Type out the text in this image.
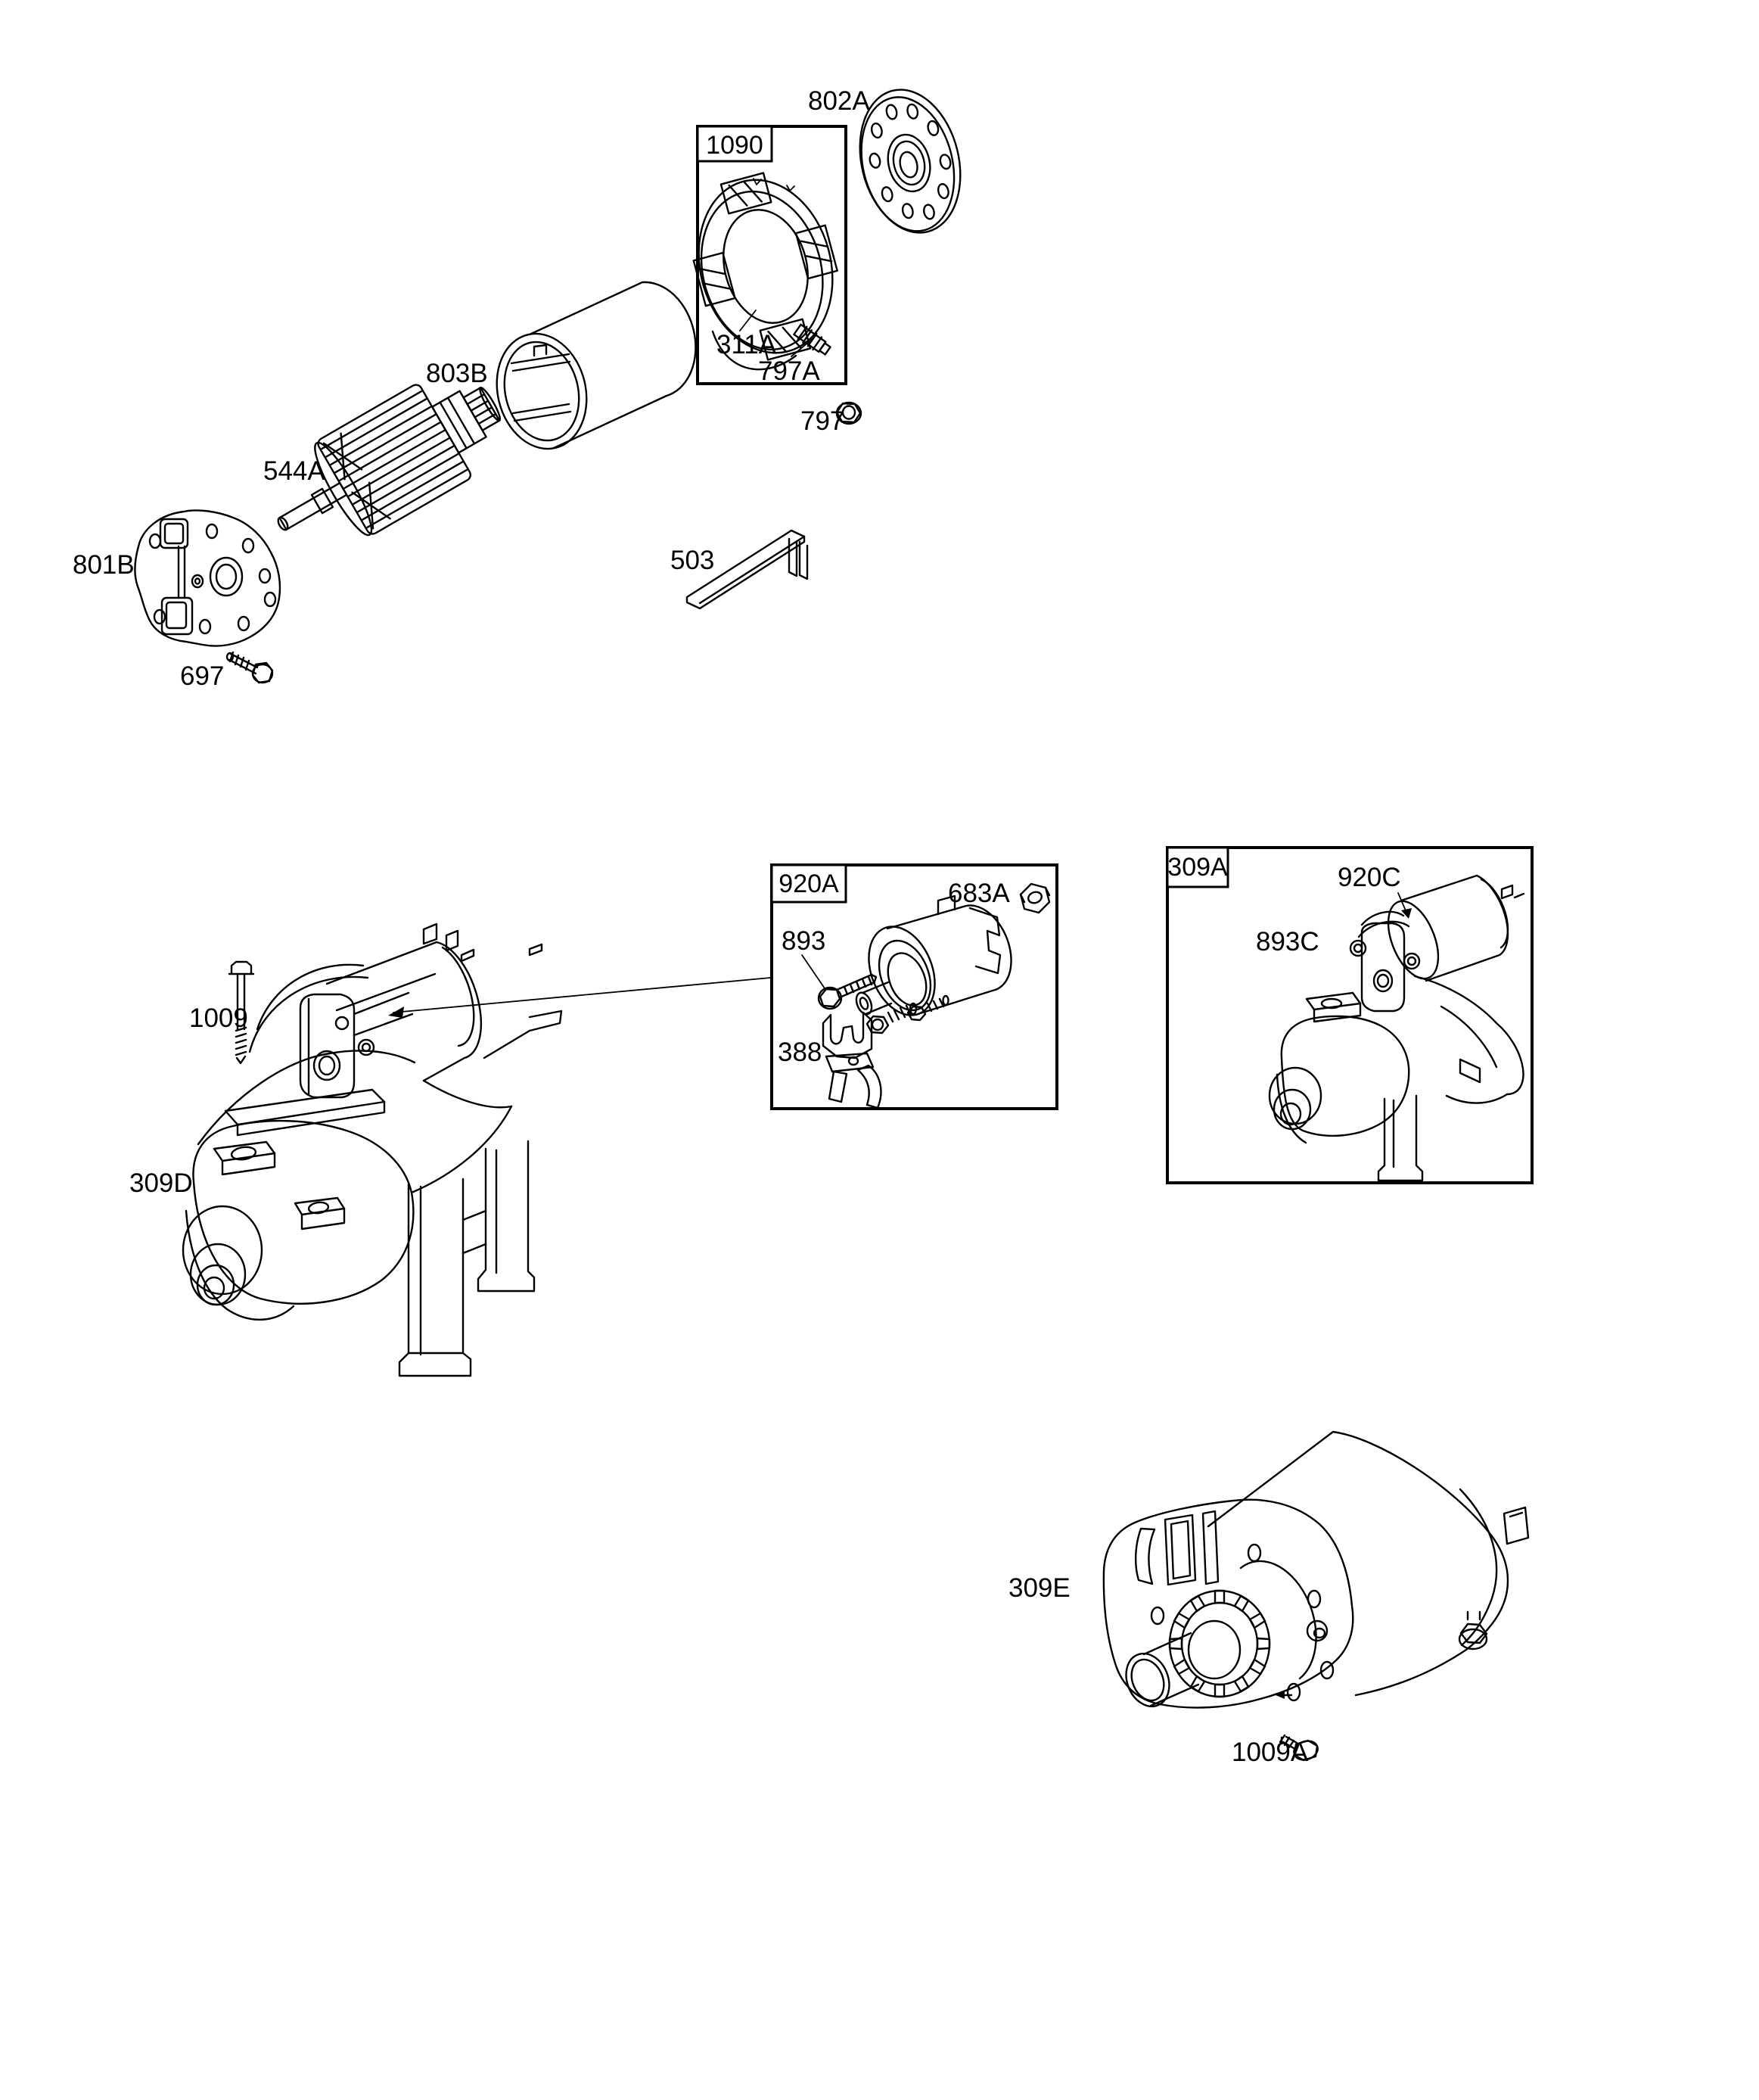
802A
1090
311A
797A
797
803B
544A
801B
697
503
920A	683A
893
388
1009
309D
309A	920C
893C
309E
1009A
